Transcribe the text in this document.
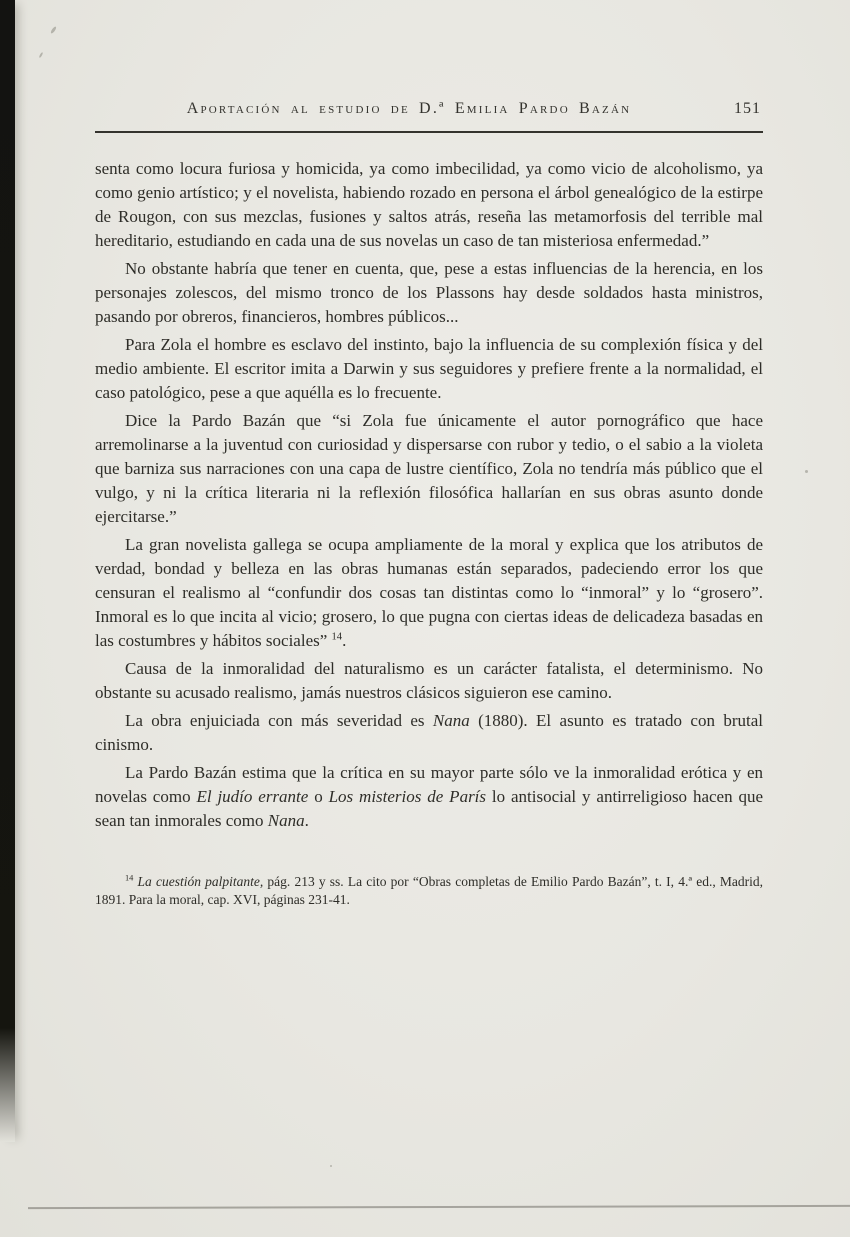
Aportación al estudio de D.ª Emilia Pardo Bazán	151

senta como locura furiosa y homicida, ya como imbecilidad, ya como vicio de alcoholismo, ya como genio artístico; y el novelista, habiendo rozado en persona el árbol genealógico de la estirpe de Rougon, con sus mezclas, fusiones y saltos atrás, reseña las metamorfosis del terrible mal hereditario, estudiando en cada una de sus novelas un caso de tan misteriosa enfermedad.”

No obstante habría que tener en cuenta, que, pese a estas influencias de la herencia, en los personajes zolescos, del mismo tronco de los Plassons hay desde soldados hasta ministros, pasando por obreros, financieros, hombres públicos...

Para Zola el hombre es esclavo del instinto, bajo la influencia de su complexión física y del medio ambiente. El escritor imita a Darwin y sus seguidores y prefiere frente a la normalidad, el caso patológico, pese a que aquélla es lo frecuente.

Dice la Pardo Bazán que “si Zola fue únicamente el autor pornográfico que hace arremolinarse a la juventud con curiosidad y dispersarse con rubor y tedio, o el sabio a la violeta que barniza sus narraciones con una capa de lustre científico, Zola no tendría más público que el vulgo, y ni la crítica literaria ni la reflexión filosófica hallarían en sus obras asunto donde ejercitarse.”

La gran novelista gallega se ocupa ampliamente de la moral y explica que los atributos de verdad, bondad y belleza en las obras humanas están separados, padeciendo error los que censuran el realismo al “confundir dos cosas tan distintas como lo “inmoral” y lo “grosero”. Inmoral es lo que incita al vicio; grosero, lo que pugna con ciertas ideas de delicadeza basadas en las costumbres y hábitos sociales” $^{14}$.

Causa de la inmoralidad del naturalismo es un carácter fatalista, el determinismo. No obstante su acusado realismo, jamás nuestros clásicos siguieron ese camino.

La obra enjuiciada con más severidad es Nana (1880). El asunto es tratado con brutal cinismo.

La Pardo Bazán estima que la crítica en su mayor parte sólo ve la inmoralidad erótica y en novelas como El judío errante o Los misterios de París lo antisocial y antirreligioso hacen que sean tan inmorales como Nana.

$^{14}$ La cuestión palpitante, pág. 213 y ss. La cito por “Obras completas de Emilio Pardo Bazán”, t. I, 4.ª ed., Madrid, 1891. Para la moral, cap. XVI, páginas 231-41.
